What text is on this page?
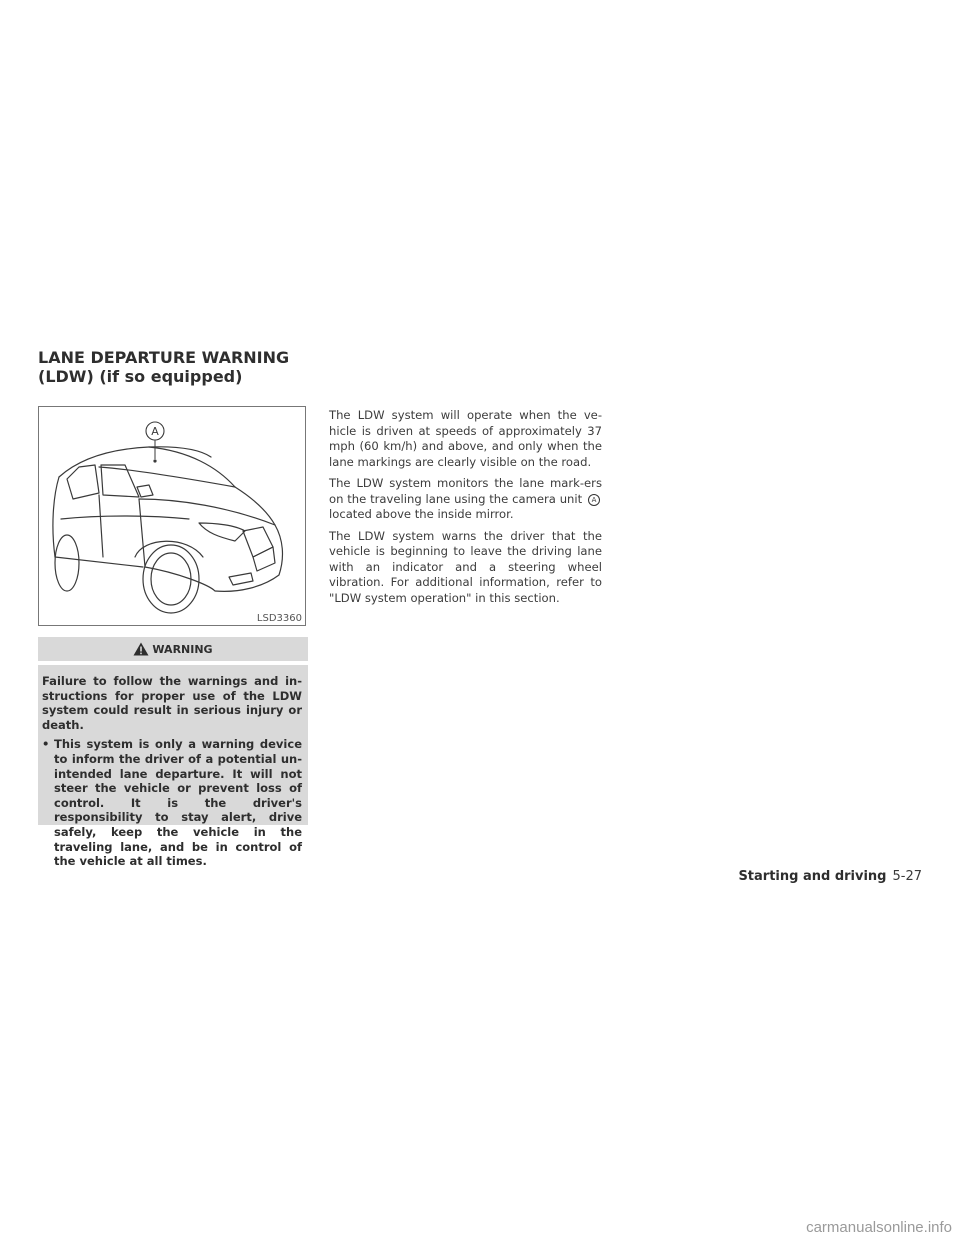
LANE DEPARTURE WARNING (LDW) (if so equipped)
A
LSD3360
WARNING

Failure to follow the warnings and in-structions for proper use of the LDW system could result in serious injury or death.

• This system is only a warning device to inform the driver of a potential un-intended lane departure. It will not steer the vehicle or prevent loss of control. It is the driver's responsibility to stay alert, drive safely, keep the vehicle in the traveling lane, and be in control of the vehicle at all times.

The LDW system will operate when the ve-hicle is driven at speeds of approximately 37 mph (60 km/h) and above, and only when the lane markings are clearly visible on the road.

The LDW system monitors the lane mark-ers on the traveling lane using the camera unit A located above the inside mirror.

The LDW system warns the driver that the vehicle is beginning to leave the driving lane with an indicator and a steering wheel vibration. For additional information, refer to "LDW system operation" in this section.

Starting and driving 5-27
carmanualsonline.info
